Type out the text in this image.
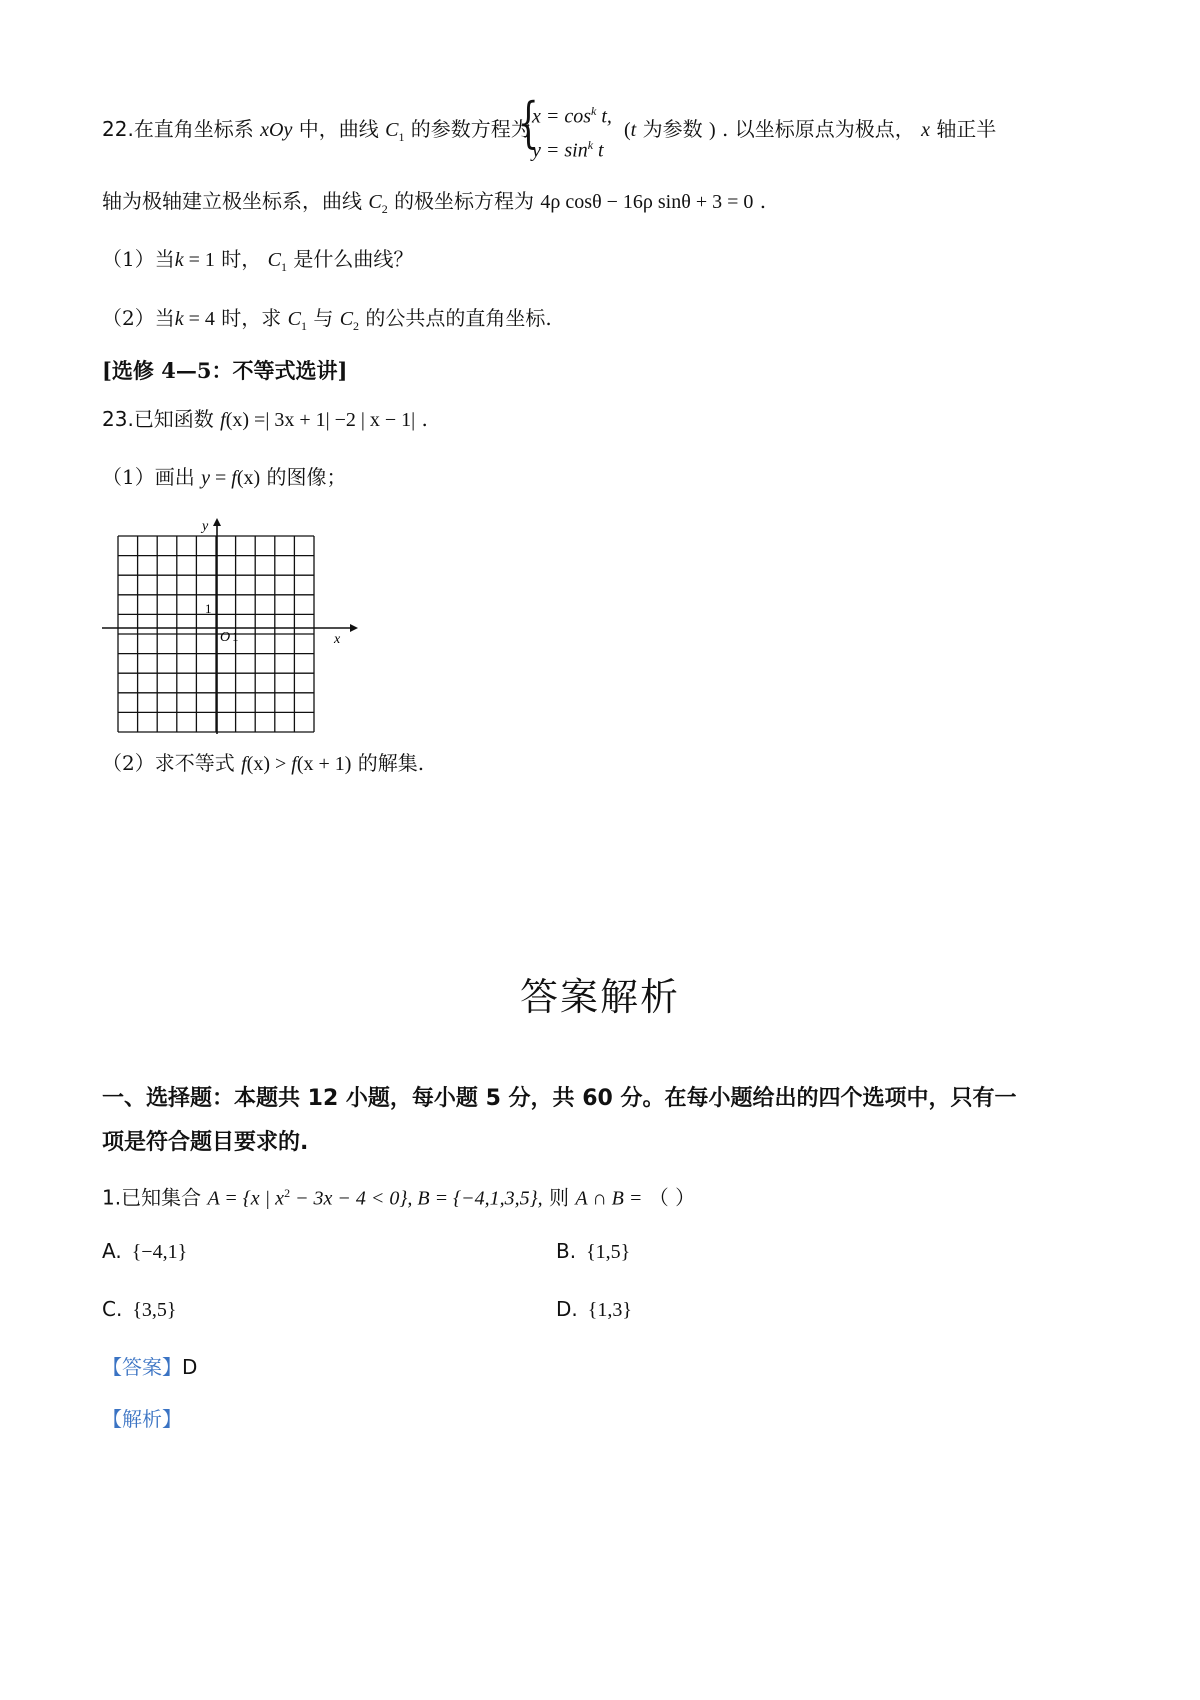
22.在直角坐标系 xOy 中，曲线 $C_1$ 的参数方程为
{
$x = \cos^k t$,
$y = \sin^k t$
(t 为参数 ) . 以坐标原点为极点， x 轴正半
轴为极轴建立极坐标系，曲线 $C_2$ 的极坐标方程为 4ρ cosθ − 16ρ sinθ + 3 = 0 .
（1）当k = 1 时， $C_1$ 是什么曲线？
（2）当k = 4 时，求 $C_1$ 与 $C_2$ 的公共点的直角坐标.
[选修 4—5：不等式选讲]
23.已知函数 f(x) =| 3x + 1| −2 | x − 1| .
（1）画出 y = f(x) 的图像；
y
x
O 1
1
（2）求不等式 f(x) > f(x + 1) 的解集.
答案解析
一、选择题：本题共 12 小题，每小题 5 分，共 60 分。在每小题给出的四个选项中，只有一
项是符合题目要求的.
1.已知集合 A = {x | $x^2 - 3x - 4 < 0$}, B = {−4,1,3,5}, 则 A ∩ B = （ ）
A. {−4,1}	B. {1,5}
C. {3,5}	D. {1,3}
【答案】D
【解析】
